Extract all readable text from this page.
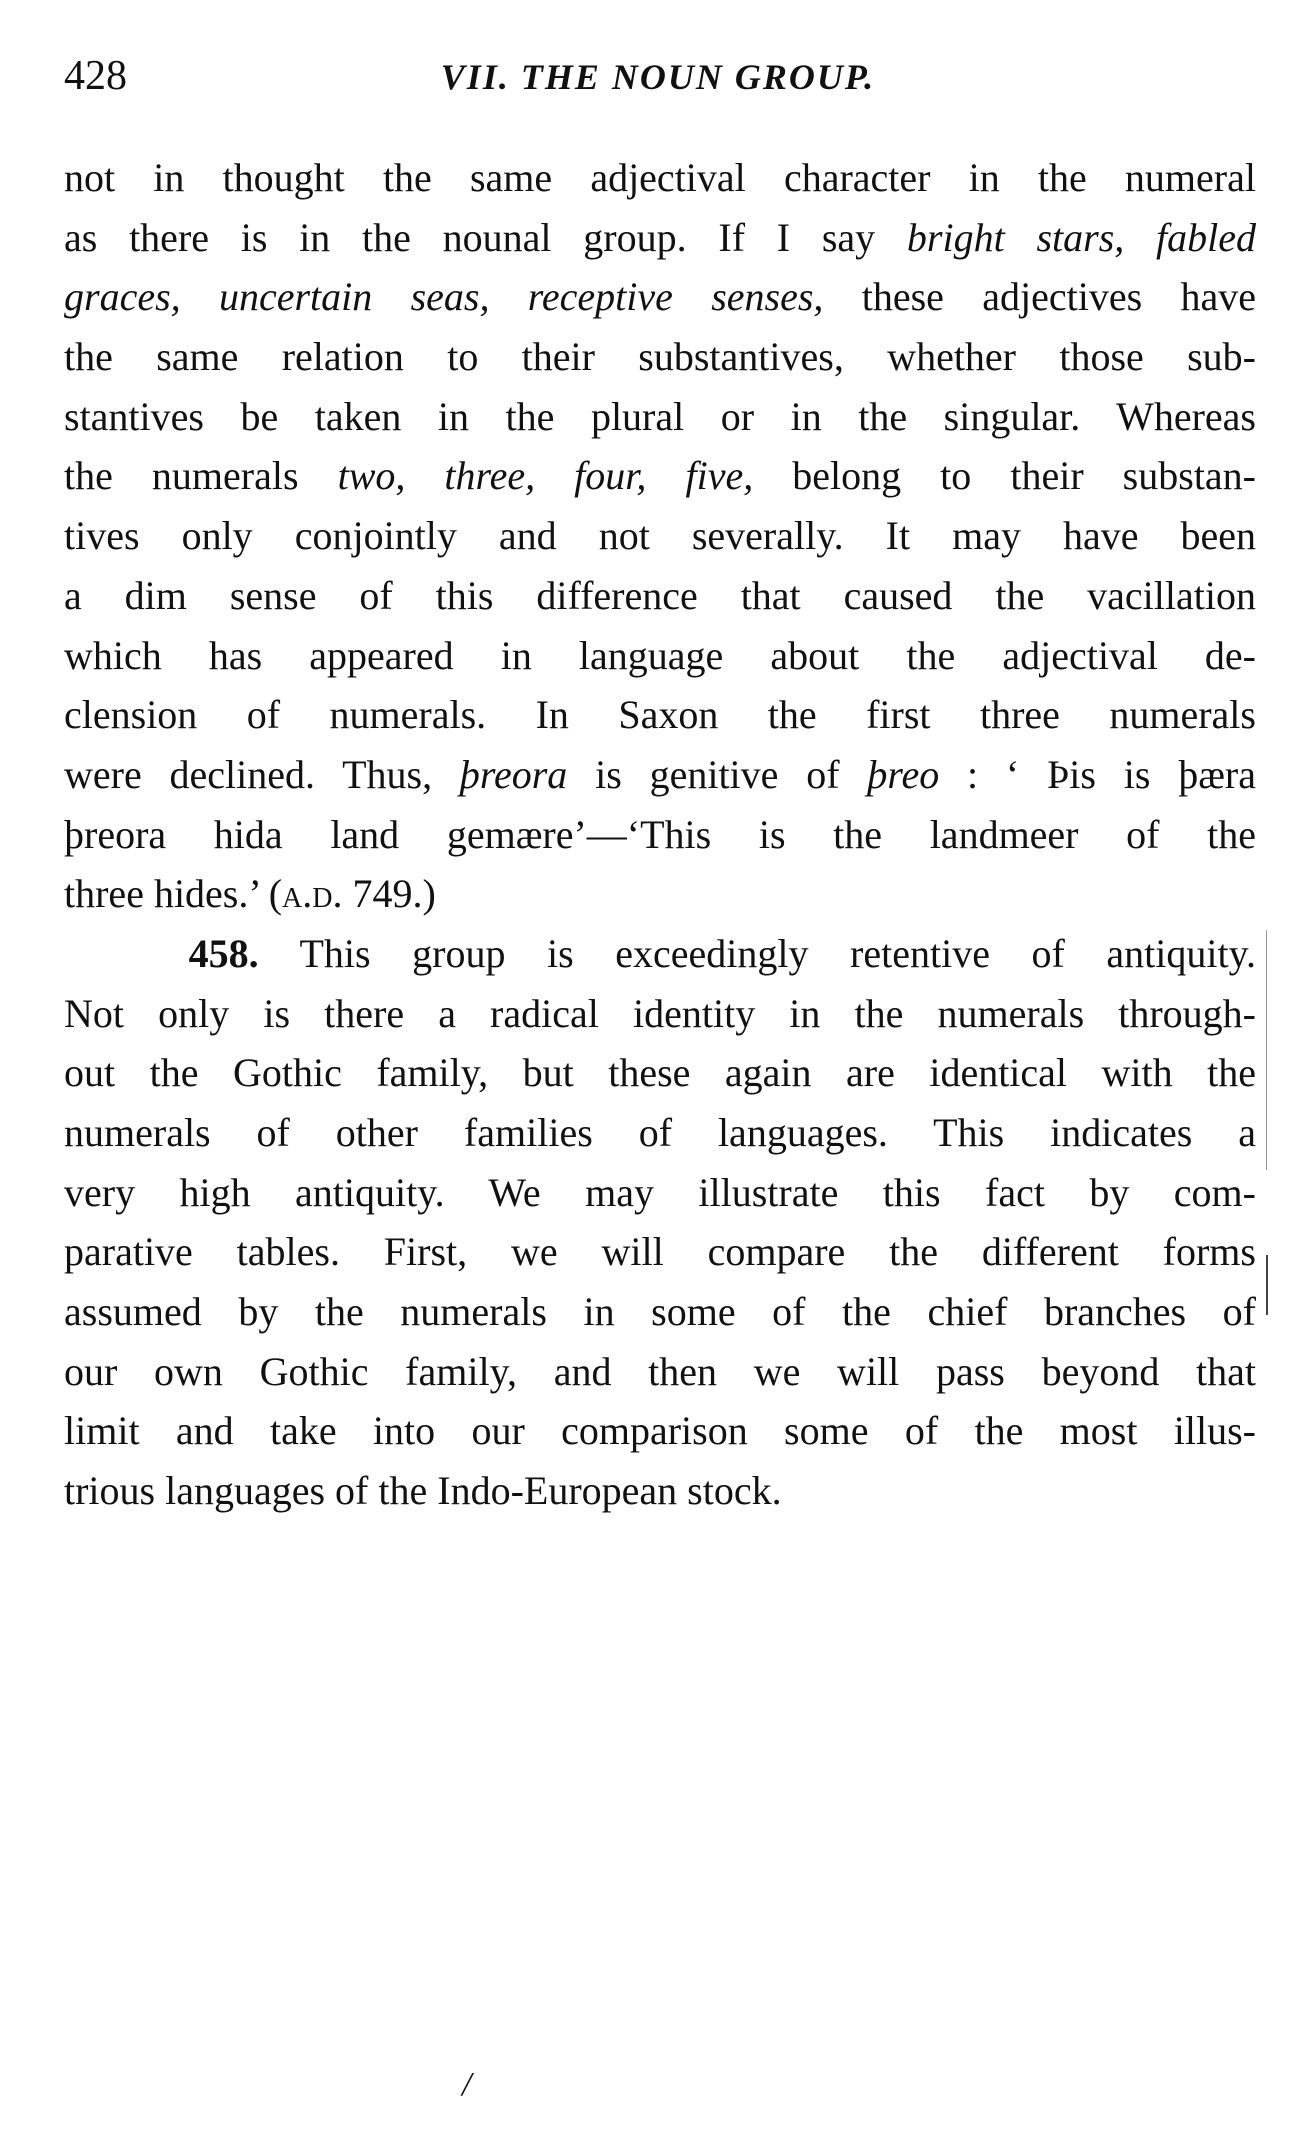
428	VII. THE NOUN GROUP.
not in thought the same adjectival character in the numeral
as there is in the nounal group. If I say bright stars, fabled
graces, uncertain seas, receptive senses, these adjectives have
the same relation to their substantives, whether those sub-
stantives be taken in the plural or in the singular. Whereas
the numerals two, three, four, five, belong to their substan-
tives only conjointly and not severally. It may have been
a dim sense of this difference that caused the vacillation
which has appeared in language about the adjectival de-
clension of numerals. In Saxon the first three numerals
were declined. Thus, þreora is genitive of þreo : ‘ Þis is þæra
þreora hida land gemære’—‘This is the landmeer of the
three hides.’ (a.d. 749.)
458. This group is exceedingly retentive of antiquity.
Not only is there a radical identity in the numerals through-
out the Gothic family, but these again are identical with the
numerals of other families of languages. This indicates a
very high antiquity. We may illustrate this fact by com-
parative tables. First, we will compare the different forms
assumed by the numerals in some of the chief branches of
our own Gothic family, and then we will pass beyond that
limit and take into our comparison some of the most illus-
trious languages of the Indo-European stock.
/
